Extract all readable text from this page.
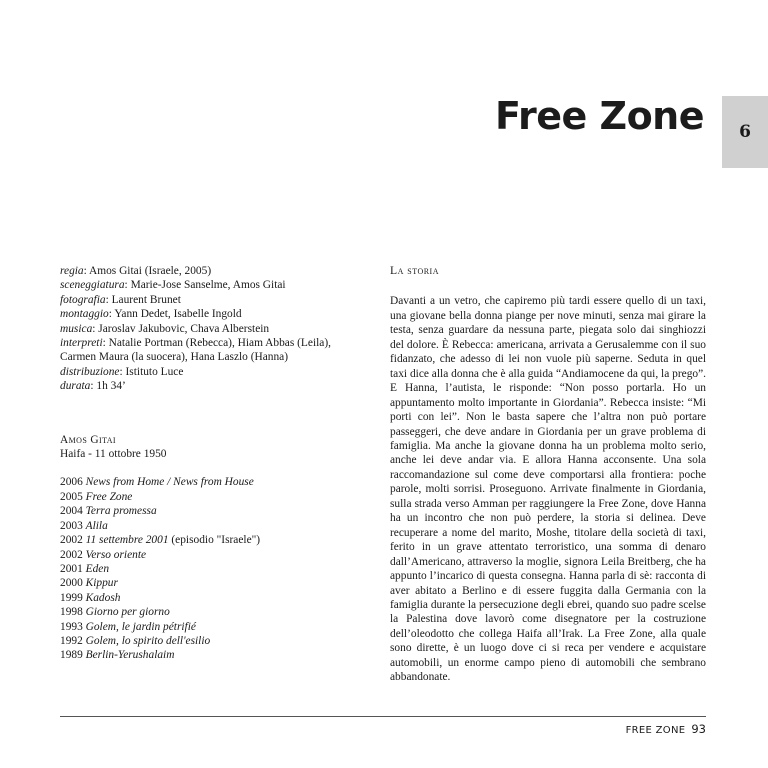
Free Zone 6
regia: Amos Gitai (Israele, 2005)
sceneggiatura: Marie-Jose Sanselme, Amos Gitai
fotografia: Laurent Brunet
montaggio: Yann Dedet, Isabelle Ingold
musica: Jaroslav Jakubovic, Chava Alberstein
interpreti: Natalie Portman (Rebecca), Hiam Abbas (Leila), Carmen Maura (la suocera), Hana Laszlo (Hanna)
distribuzione: Istituto Luce
durata: 1h 34’
Amos Gitai
Haifa - 11 ottobre 1950
2006 News from Home / News from House
2005 Free Zone
2004 Terra promessa
2003 Alila
2002 11 settembre 2001 (episodio "Israele")
2002 Verso oriente
2001 Eden
2000 Kippur
1999 Kadosh
1998 Giorno per giorno
1993 Golem, le jardin pétrifié
1992 Golem, lo spirito dell'esilio
1989 Berlin-Yerushalaim
La storia
Davanti a un vetro, che capiremo più tardi essere quello di un taxi, una giovane bella donna piange per nove minuti, senza mai girare la testa, senza guardare da nessuna parte, piegata solo dai singhiozzi del dolore. È Rebecca: americana, arrivata a Gerusalemme con il suo fidanzato, che adesso di lei non vuole più saperne. Seduta in quel taxi dice alla donna che è alla guida “Andiamocene da qui, la prego”. E Hanna, l’autista, le risponde: “Non posso portarla. Ho un appuntamento molto importante in Giordania”. Rebecca insiste: “Mi porti con lei”. Non le basta sapere che l’altra non può portare passeggeri, che deve andare in Giordania per un grave problema di famiglia. Ma anche la giovane donna ha un problema molto serio, anche lei deve andar via. E allora Hanna acconsente. Una sola raccomandazione sul come deve comportarsi alla frontiera: poche parole, molti sorrisi. Proseguono. Arrivate finalmente in Giordania, sulla strada verso Amman per raggiungere la Free Zone, dove Hanna ha un incontro che non può perdere, la storia si delinea. Deve recuperare a nome del marito, Moshe, titolare della società di taxi, ferito in un grave attentato terroristico, una somma di denaro dall’Americano, attraverso la moglie, signora Leila Breitberg, che ha appunto l’incarico di questa consegna. Hanna parla di sè: racconta di aver abitato a Berlino e di essere fuggita dalla Germania con la famiglia durante la persecuzione degli ebrei, quando suo padre scelse la Palestina dove lavorò come disegnatore per la costruzione dell’oleodotto che collega Haifa all’Irak. La Free Zone, alla quale sono dirette, è un luogo dove ci si reca per vendere e acquistare automobili, un enorme campo pieno di automobili che sembrano abbandonate.
FREE ZONE 93
